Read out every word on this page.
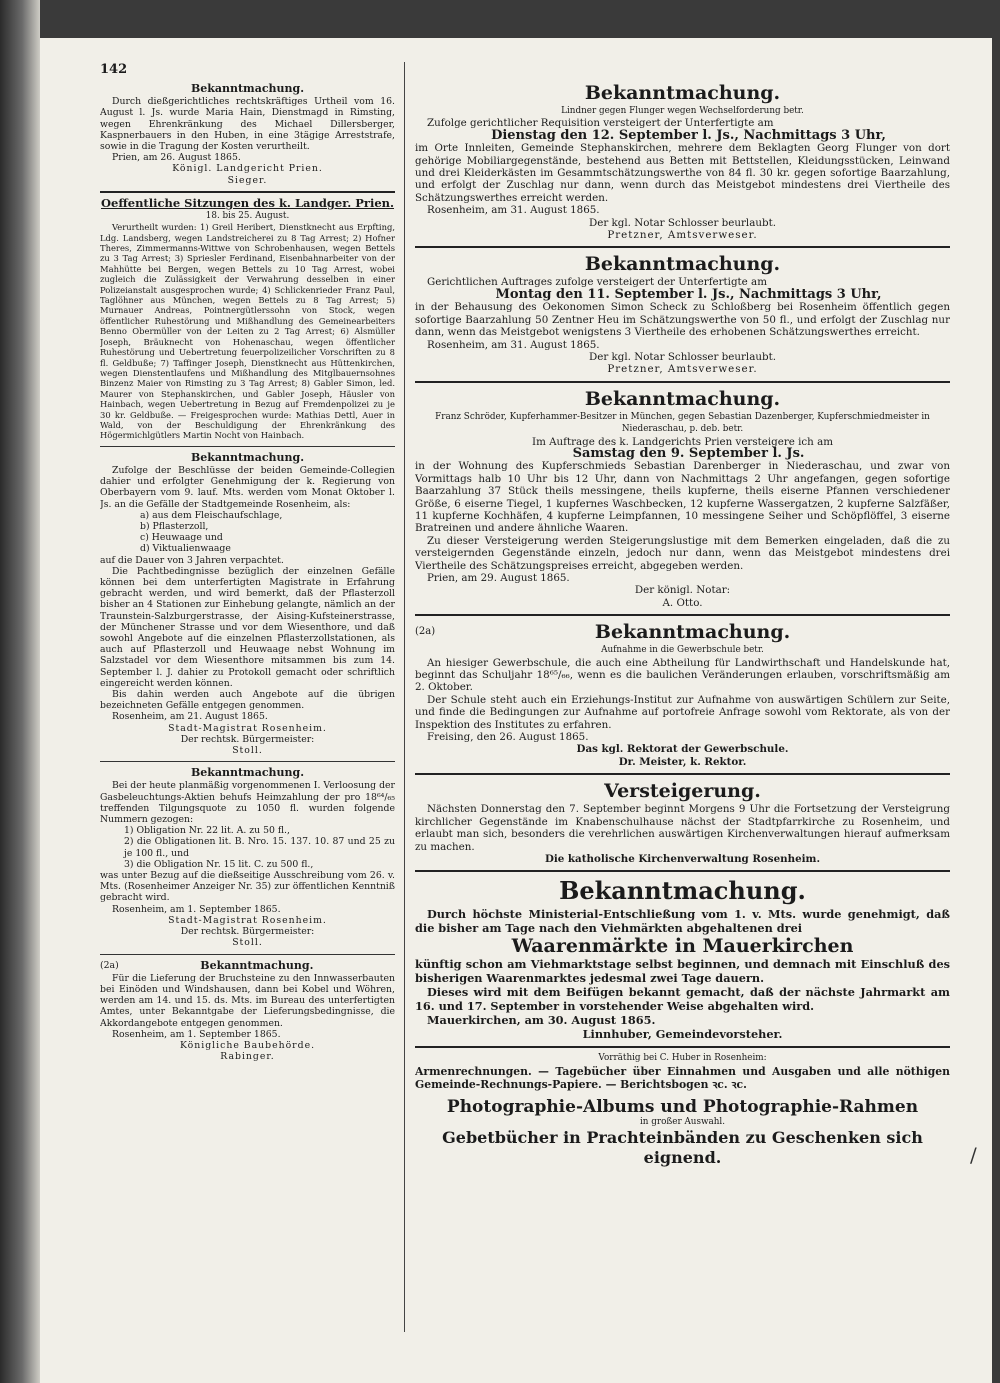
142
/
Bekanntmachung.

Durch dießgerichtliches rechtskräftiges Urtheil vom 16. August l. Js. wurde Maria Hain, Dienstmagd in Rimsting, wegen Ehrenkränkung des Michael Dillersberger, Kaspnerbauers in den Huben, in eine 3tägige Arreststrafe, sowie in die Tragung der Kosten verurtheilt.

Prien, am 26. August 1865.

Königl. Landgericht Prien.

Sieger.

Oeffentliche Sitzungen des k. Landger. Prien.
18. bis 25. August.

Verurtheilt wurden: 1) Greil Heribert, Dienstknecht aus Erpfting, Ldg. Landsberg, wegen Landstreicherei zu 8 Tag Arrest; 2) Hofner Theres, Zimmermanns-Wittwe von Schrobenhausen, wegen Bettels zu 3 Tag Arrest; 3) Spriesler Ferdinand, Eisenbahnarbeiter von der Mahhütte bei Bergen, wegen Bettels zu 10 Tag Arrest, wobei zugleich die Zulässigkeit der Verwahrung desselben in einer Polizeianstalt ausgesprochen wurde; 4) Schlickenrieder Franz Paul, Taglöhner aus München, wegen Bettels zu 8 Tag Arrest; 5) Murnauer Andreas, Pointnergütlerssohn von Stock, wegen öffentlicher Ruhestörung und Mißhandlung des Gemeinearbeiters Benno Obermüller von der Leiten zu 2 Tag Arrest; 6) Alsmüller Joseph, Bräuknecht von Hohenaschau, wegen öffentlicher Ruhestörung und Uebertretung feuerpolizeilicher Vorschriften zu 8 fl. Geldbuße; 7) Taffinger Joseph, Dienstknecht aus Hüttenkirchen, wegen Dienstentlaufens und Mißhandlung des Mitglbauernsohnes Binzenz Maier von Rimsting zu 3 Tag Arrest; 8) Gabler Simon, led. Maurer von Stephanskirchen, und Gabler Joseph, Häusler von Hainbach, wegen Uebertretung in Bezug auf Fremdenpolizei zu je 30 kr. Geldbuße. — Freigesprochen wurde: Mathias Dettl, Auer in Wald, von der Beschuldigung der Ehrenkränkung des Högermichlgütlers Martin Nocht von Hainbach.

Bekanntmachung.

Zufolge der Beschlüsse der beiden Gemeinde-Collegien dahier und erfolgter Genehmigung der k. Regierung von Oberbayern vom 9. lauf. Mts. werden vom Monat Oktober l. Js. an die Gefälle der Stadtgemeinde Rosenheim, als:

a) aus dem Fleischaufschlage,

b) Pflasterzoll,

c) Heuwaage und

d) Viktualienwaage

auf die Dauer von 3 Jahren verpachtet.

Die Pachtbedingnisse bezüglich der einzelnen Gefälle können bei dem unterfertigten Magistrate in Erfahrung gebracht werden, und wird bemerkt, daß der Pflasterzoll bisher an 4 Stationen zur Einhebung gelangte, nämlich an der Traunstein-Salzburgerstrasse, der Aising-Kufsteinerstrasse, der Münchener Strasse und vor dem Wiesenthore, und daß sowohl Angebote auf die einzelnen Pflasterzollstationen, als auch auf Pflasterzoll und Heuwaage nebst Wohnung im Salzstadel vor dem Wiesenthore mitsammen bis zum 14. September l. J. dahier zu Protokoll gemacht oder schriftlich eingereicht werden können.

Bis dahin werden auch Angebote auf die übrigen bezeichneten Gefälle entgegen genommen.

Rosenheim, am 21. August 1865.

Stadt-Magistrat Rosenheim.

Der rechtsk. Bürgermeister:

Stoll.

Bekanntmachung.

Bei der heute planmäßig vorgenommenen I. Verloosung der Gasbeleuchtungs-Aktien behufs Heimzahlung der pro 18⁶⁴/₆₅ treffenden Tilgungsquote zu 1050 fl. wurden folgende Nummern gezogen:

1) Obligation Nr. 22 lit. A. zu 50 fl.,

2) die Obligationen lit. B. Nro. 15. 137. 10. 87 und 25 zu je 100 fl., und

3) die Obligation Nr. 15 lit. C. zu 500 fl.,

was unter Bezug auf die dießseitige Ausschreibung vom 26. v. Mts. (Rosenheimer Anzeiger Nr. 35) zur öffentlichen Kenntniß gebracht wird.

Rosenheim, am 1. September 1865.

Stadt-Magistrat Rosenheim.

Der rechtsk. Bürgermeister:

Stoll.

(2a)	Bekanntmachung.

Für die Lieferung der Bruchsteine zu den Innwasserbauten bei Einöden und Windshausen, dann bei Kobel und Wöhren, werden am 14. und 15. ds. Mts. im Bureau des unterfertigten Amtes, unter Bekanntgabe der Lieferungsbedingnisse, die Akkordangebote entgegen genommen.

Rosenheim, am 1. September 1865.

Königliche Baubehörde.

Rabinger.

Bekanntmachung.
Lindner gegen Flunger wegen Wechselforderung betr.

Zufolge gerichtlicher Requisition versteigert der Unterfertigte am

Dienstag den 12. September l. Js., Nachmittags 3 Uhr,

im Orte Innleiten, Gemeinde Stephanskirchen, mehrere dem Beklagten Georg Flunger von dort gehörige Mobiliargegenstände, bestehend aus Betten mit Bettstellen, Kleidungsstücken, Leinwand und drei Kleiderkästen im Gesammtschätzungswerthe von 84 fl. 30 kr. gegen sofortige Baarzahlung, und erfolgt der Zuschlag nur dann, wenn durch das Meistgebot mindestens drei Viertheile des Schätzungswerthes erreicht werden.

Rosenheim, am 31. August 1865.

Der kgl. Notar Schlosser beurlaubt.

Pretzner, Amtsverweser.

Bekanntmachung.

Gerichtlichen Auftrages zufolge versteigert der Unterfertigte am

Montag den 11. September l. Js., Nachmittags 3 Uhr,

in der Behausung des Oekonomen Simon Scheck zu Schloßberg bei Rosenheim öffentlich gegen sofortige Baarzahlung 50 Zentner Heu im Schätzungswerthe von 50 fl., und erfolgt der Zuschlag nur dann, wenn das Meistgebot wenigstens 3 Viertheile des erhobenen Schätzungswerthes erreicht.

Rosenheim, am 31. August 1865.

Der kgl. Notar Schlosser beurlaubt.

Pretzner, Amtsverweser.

Bekanntmachung.
Franz Schröder, Kupferhammer-Besitzer in München, gegen Sebastian Dazenberger, Kupferschmiedmeister in Niederaschau, p. deb. betr.

Im Auftrage des k. Landgerichts Prien versteigere ich am

Samstag den 9. September l. Js.

in der Wohnung des Kupferschmieds Sebastian Darenberger in Niederaschau, und zwar von Vormittags halb 10 Uhr bis 12 Uhr, dann von Nachmittags 2 Uhr angefangen, gegen sofortige Baarzahlung 37 Stück theils messingene, theils kupferne, theils eiserne Pfannen verschiedener Größe, 6 eiserne Tiegel, 1 kupfernes Waschbecken, 12 kupferne Wassergatzen, 2 kupferne Salzfäßer, 11 kupferne Kochhäfen, 4 kupferne Leimpfannen, 10 messingene Seiher und Schöpflöffel, 3 eiserne Bratreinen und andere ähnliche Waaren.

Zu dieser Versteigerung werden Steigerungslustige mit dem Bemerken eingeladen, daß die zu versteigernden Gegenstände einzeln, jedoch nur dann, wenn das Meistgebot mindestens drei Viertheile des Schätzungspreises erreicht, abgegeben werden.

Prien, am 29. August 1865.

Der königl. Notar:

A. Otto.

(2a)	Bekanntmachung.
Aufnahme in die Gewerbschule betr.

An hiesiger Gewerbschule, die auch eine Abtheilung für Landwirthschaft und Handelskunde hat, beginnt das Schuljahr 18⁶⁵/₆₆, wenn es die baulichen Veränderungen erlauben, vorschriftsmäßig am 2. Oktober.

Der Schule steht auch ein Erziehungs-Institut zur Aufnahme von auswärtigen Schülern zur Seite, und finde die Bedingungen zur Aufnahme auf portofreie Anfrage sowohl vom Rektorate, als von der Inspektion des Institutes zu erfahren.

Freising, den 26. August 1865.

Das kgl. Rektorat der Gewerbschule.

Dr. Meister, k. Rektor.

Versteigerung.

Nächsten Donnerstag den 7. September beginnt Morgens 9 Uhr die Fortsetzung der Versteigrung kirchlicher Gegenstände im Knabenschulhause nächst der Stadtpfarrkirche zu Rosenheim, und erlaubt man sich, besonders die verehrlichen auswärtigen Kirchenverwaltungen hierauf aufmerksam zu machen.

Die katholische Kirchenverwaltung Rosenheim.

Bekanntmachung.

Durch höchste Ministerial-Entschließung vom 1. v. Mts. wurde genehmigt, daß die bisher am Tage nach den Viehmärkten abgehaltenen drei

Waarenmärkte in Mauerkirchen

künftig schon am Viehmarktstage selbst beginnen, und demnach mit Einschluß des bisherigen Waarenmarktes jedesmal zwei Tage dauern.

Dieses wird mit dem Beifügen bekannt gemacht, daß der nächste Jahrmarkt am 16. und 17. September in vorstehender Weise abgehalten wird.

Mauerkirchen, am 30. August 1865.

Linnhuber, Gemeindevorsteher.

Vorräthig bei C. Huber in Rosenheim:

Armenrechnungen. — Tagebücher über Einnahmen und Ausgaben und alle nöthigen Gemeinde-Rechnungs-Papiere. — Berichtsbogen ꝛc. ꝛc.

Photographie-Albums und Photographie-Rahmen
in großer Auswahl.
Gebetbücher in Prachteinbänden zu Geschenken sich eignend.
